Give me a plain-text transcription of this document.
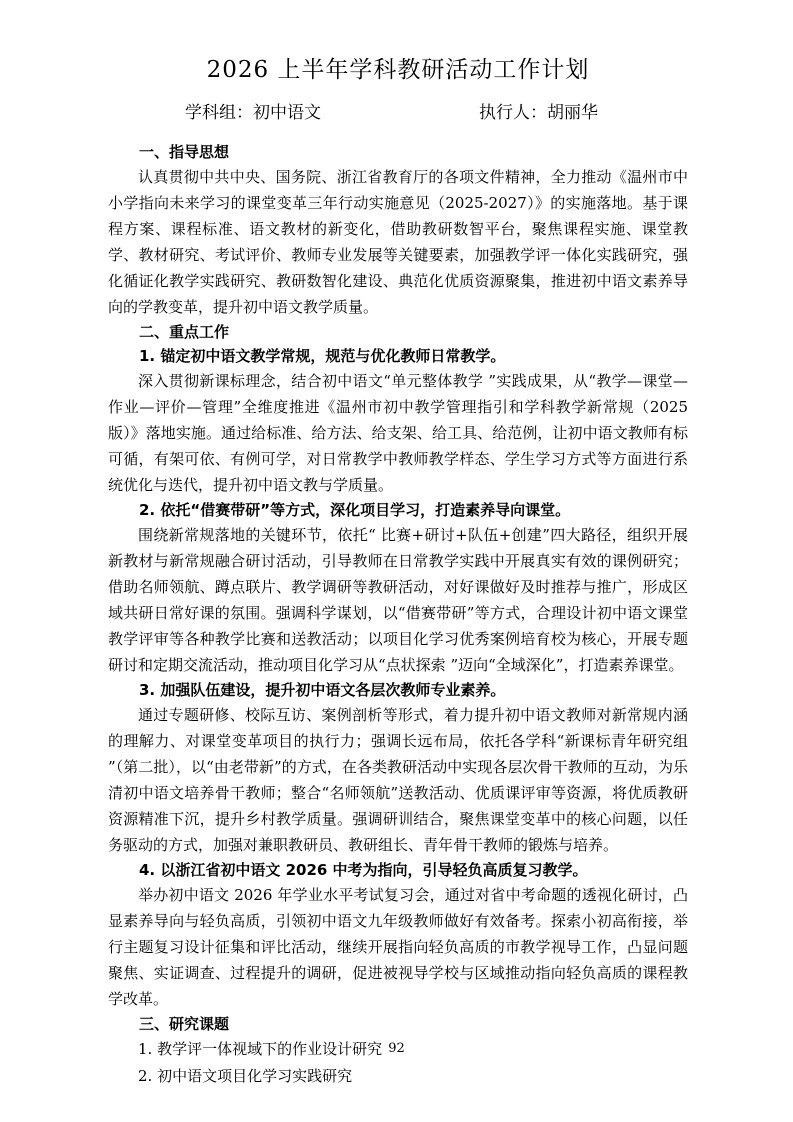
2026 上半年学科教研活动工作计划
学科组：初中语文	执行人：胡丽华
一、指导思想

认真贯彻中共中央、国务院、浙江省教育厅的各项文件精神，全力推动《温州市中小学指向未来学习的课堂变革三年行动实施意见（2025-2027）》的实施落地。基于课程方案、课程标准、语文教材的新变化，借助教研数智平台，聚焦课程实施、课堂教学、教材研究、考试评价、教师专业发展等关键要素，加强教学评一体化实践研究，强化循证化教学实践研究、教研数智化建设、典范化优质资源聚集，推进初中语文素养导向的学教变革，提升初中语文教学质量。

二、重点工作
1. 锚定初中语文教学常规，规范与优化教师日常教学。

深入贯彻新课标理念，结合初中语文“单元整体教学 ”实践成果，从“教学—课堂—作业—评价—管理”全维度推进《温州市初中教学管理指引和学科教学新常规（2025 版）》落地实施。通过给标准、给方法、给支架、给工具、给范例，让初中语文教师有标可循，有架可依、有例可学，对日常教学中教师教学样态、学生学习方式等方面进行系统优化与迭代，提升初中语文教与学质量。

2. 依托“借赛带研”等方式，深化项目学习，打造素养导向课堂。

围绕新常规落地的关键环节，依托“ 比赛+研讨+队伍+创建”四大路径，组织开展新教材与新常规融合研讨活动，引导教师在日常教学实践中开展真实有效的课例研究；借助名师领航、蹲点联片、教学调研等教研活动，对好课做好及时推荐与推广，形成区域共研日常好课的氛围。强调科学谋划，以“借赛带研”等方式，合理设计初中语文课堂教学评审等各种教学比赛和送教活动；以项目化学习优秀案例培育校为核心，开展专题研讨和定期交流活动，推动项目化学习从“点状探索 ”迈向“全域深化”，打造素养课堂。

3. 加强队伍建设，提升初中语文各层次教师专业素养。

通过专题研修、校际互访、案例剖析等形式，着力提升初中语文教师对新常规内涵的理解力、对课堂变革项目的执行力；强调长远布局，依托各学科“新课标青年研究组 ”（第二批），以“由老带新”的方式，在各类教研活动中实现各层次骨干教师的互动，为乐清初中语文培养骨干教师；整合“名师领航”送教活动、优质课评审等资源，将优质教研资源精准下沉，提升乡村教学质量。强调研训结合，聚焦课堂变革中的核心问题，以任务驱动的方式，加强对兼职教研员、教研组长、青年骨干教师的锻炼与培养。

4. 以浙江省初中语文 2026 中考为指向，引导轻负高质复习教学。

举办初中语文 2026 年学业水平考试复习会，通过对省中考命题的透视化研讨，凸显素养导向与轻负高质，引领初中语文九年级教师做好有效备考。探索小初高衔接，举行主题复习设计征集和评比活动，继续开展指向轻负高质的市教学视导工作，凸显问题聚焦、实证调查、过程提升的调研，促进被视导学校与区域推动指向轻负高质的课程教学改革。

三、研究课题

1. 教学评一体视域下的作业设计研究

2. 初中语文项目化学习实践研究

92
